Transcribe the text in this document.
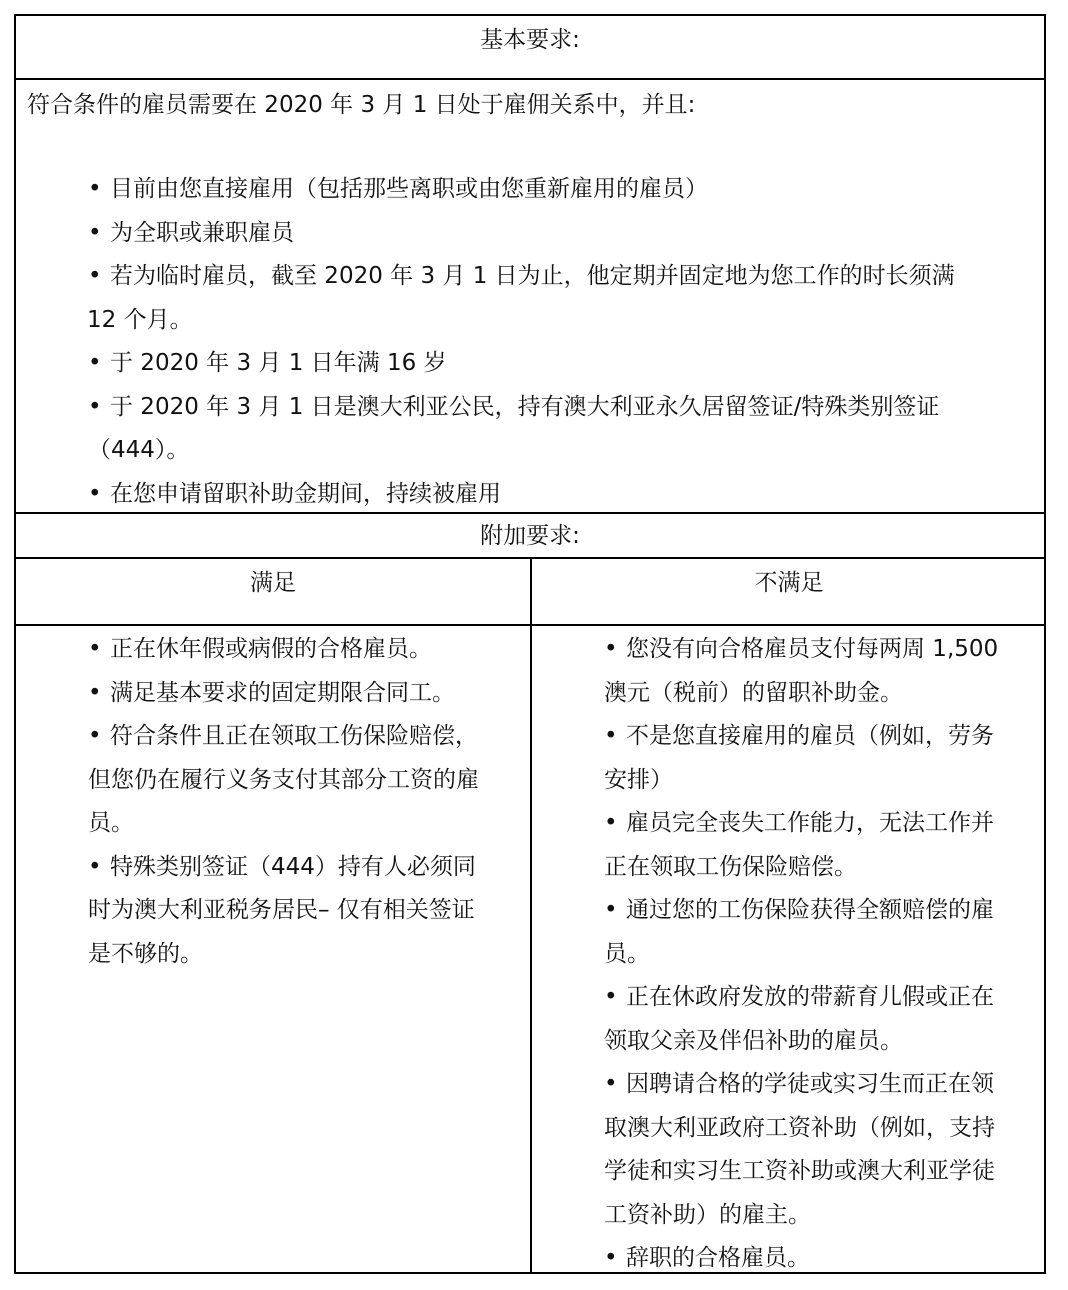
基本要求:
符合条件的雇员需要在 2020 年 3 月 1 日处于雇佣关系中，并且:
• 目前由您直接雇用（包括那些离职或由您重新雇用的雇员）
• 为全职或兼职雇员
• 若为临时雇员，截至 2020 年 3 月 1 日为止，他定期并固定地为您工作的时长须满
12 个月。
• 于 2020 年 3 月 1 日年满 16 岁
• 于 2020 年 3 月 1 日是澳大利亚公民，持有澳大利亚永久居留签证/特殊类别签证
（444）。
• 在您申请留职补助金期间，持续被雇用
附加要求:
满足	不满足
• 正在休年假或病假的合格雇员。
• 满足基本要求的固定期限合同工。
• 符合条件且正在领取工伤保险赔偿，
但您仍在履行义务支付其部分工资的雇
员。
• 特殊类别签证（444）持有人必须同
时为澳大利亚税务居民– 仅有相关签证
是不够的。
• 您没有向合格雇员支付每两周 1,500
澳元（税前）的留职补助金。
• 不是您直接雇用的雇员（例如，劳务
安排）
• 雇员完全丧失工作能力，无法工作并
正在领取工伤保险赔偿。
• 通过您的工伤保险获得全额赔偿的雇
员。
• 正在休政府发放的带薪育儿假或正在
领取父亲及伴侣补助的雇员。
• 因聘请合格的学徒或实习生而正在领
取澳大利亚政府工资补助（例如，支持
学徒和实习生工资补助或澳大利亚学徒
工资补助）的雇主。
• 辞职的合格雇员。
